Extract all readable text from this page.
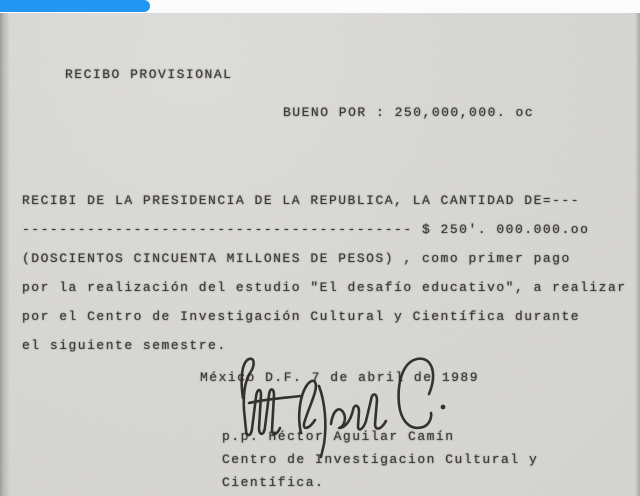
RECIBO PROVISIONAL
BUENO POR : 250,000,000. oc
RECIBI DE LA PRESIDENCIA DE LA REPUBLICA, LA CANTIDAD DE=---
------------------------------------------ $ 250'. 000.000.oo
(DOSCIENTOS CINCUENTA MILLONES DE PESOS) , como primer pago
por la realización del estudio "El desafío educativo", a realizar
por el Centro de Investigación Cultural y Científica durante
el siguiente semestre.
México D.F. 7 de abril de 1989
p.p. Héctor Aguilar Camín
Centro de Investigacion Cultural y
Científica.
